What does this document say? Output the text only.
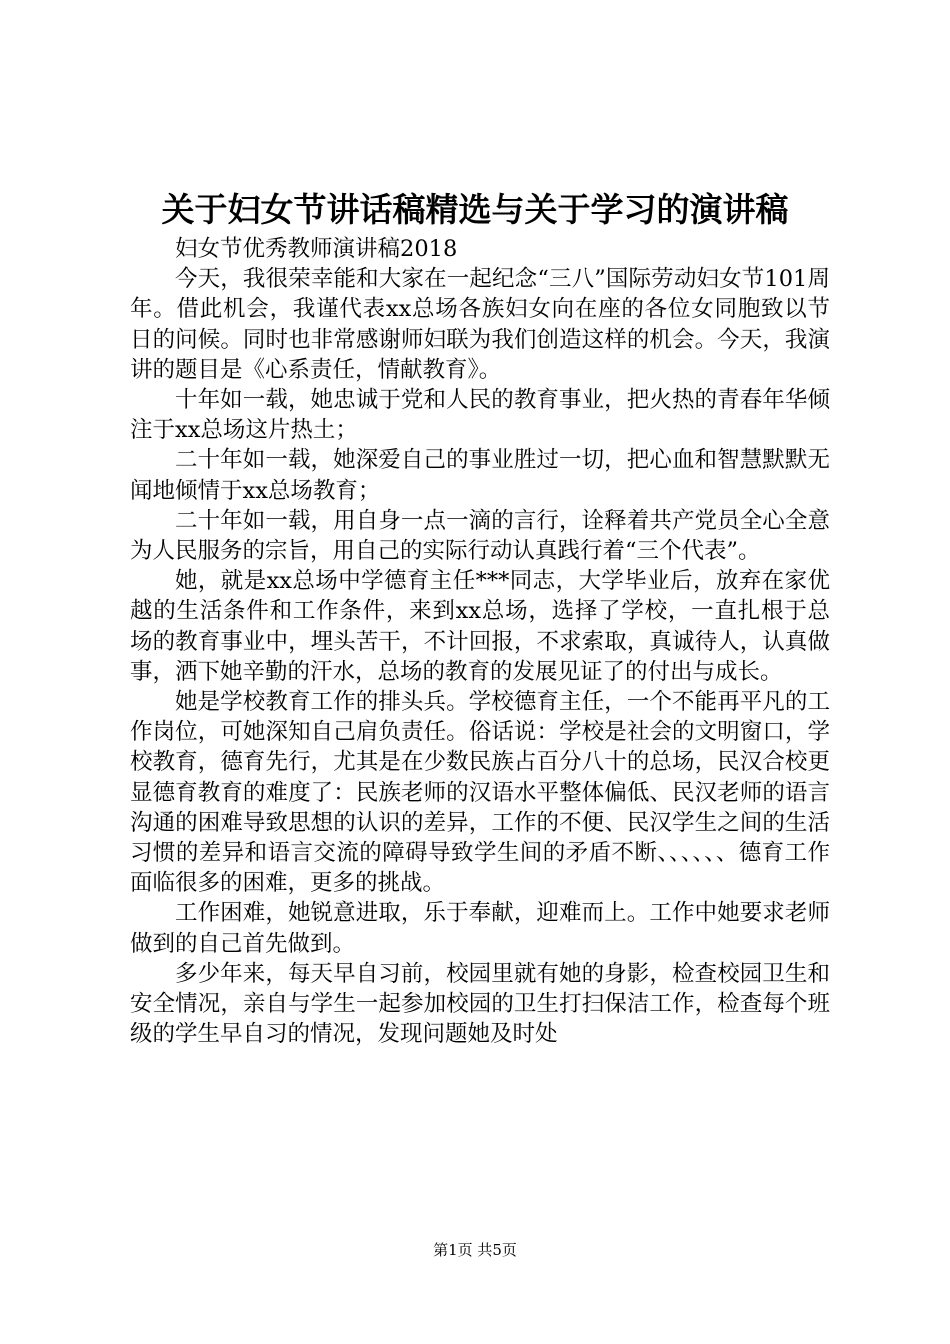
关于妇女节讲话稿精选与关于学习的演讲稿

妇女节优秀教师演讲稿2018

今天，我很荣幸能和大家在一起纪念“三八”国际劳动妇女节101周年。借此机会，我谨代表xx总场各族妇女向在座的各位女同胞致以节日的问候。同时也非常感谢师妇联为我们创造这样的机会。今天，我演讲的题目是《心系责任，情献教育》。

十年如一载，她忠诚于党和人民的教育事业，把火热的青春年华倾注于xx总场这片热土；

二十年如一载，她深爱自己的事业胜过一切，把心血和智慧默默无闻地倾情于xx总场教育；

二十年如一载，用自身一点一滴的言行，诠释着共产党员全心全意为人民服务的宗旨，用自己的实际行动认真践行着“三个代表”。

她，就是xx总场中学德育主任***同志，大学毕业后，放弃在家优越的生活条件和工作条件，来到xx总场，选择了学校，一直扎根于总场的教育事业中，埋头苦干，不计回报，不求索取，真诚待人，认真做事，洒下她辛勤的汗水，总场的教育的发展见证了的付出与成长。

她是学校教育工作的排头兵。学校德育主任，一个不能再平凡的工作岗位，可她深知自己肩负责任。俗话说：学校是社会的文明窗口，学校教育，德育先行，尤其是在少数民族占百分八十的总场，民汉合校更显德育教育的难度了：民族老师的汉语水平整体偏低、民汉老师的语言沟通的困难导致思想的认识的差异，工作的不便、民汉学生之间的生活习惯的差异和语言交流的障碍导致学生间的矛盾不断、、、、、、德育工作面临很多的困难，更多的挑战。

工作困难，她锐意进取，乐于奉献，迎难而上。工作中她要求老师做到的自己首先做到。

多少年来，每天早自习前，校园里就有她的身影，检查校园卫生和安全情况，亲自与学生一起参加校园的卫生打扫保洁工作，检查每个班级的学生早自习的情况，发现问题她及时处

第1页 共5页
